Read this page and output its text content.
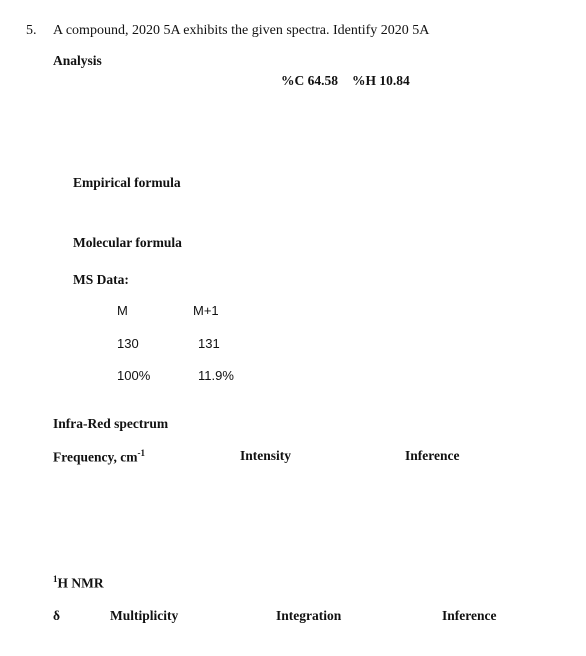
5. A compound, 2020 5A exhibits the given spectra. Identify 2020 5A
Analysis
%C 64.58 %H 10.84
Empirical formula
Molecular formula
MS Data:
M	M+1
130	131
100%	11.9%
Infra-Red spectrum
Frequency, $cm^{-1}$	Intensity	Inference
$^1$H NMR
δ	Multiplicity	Integration	Inference
